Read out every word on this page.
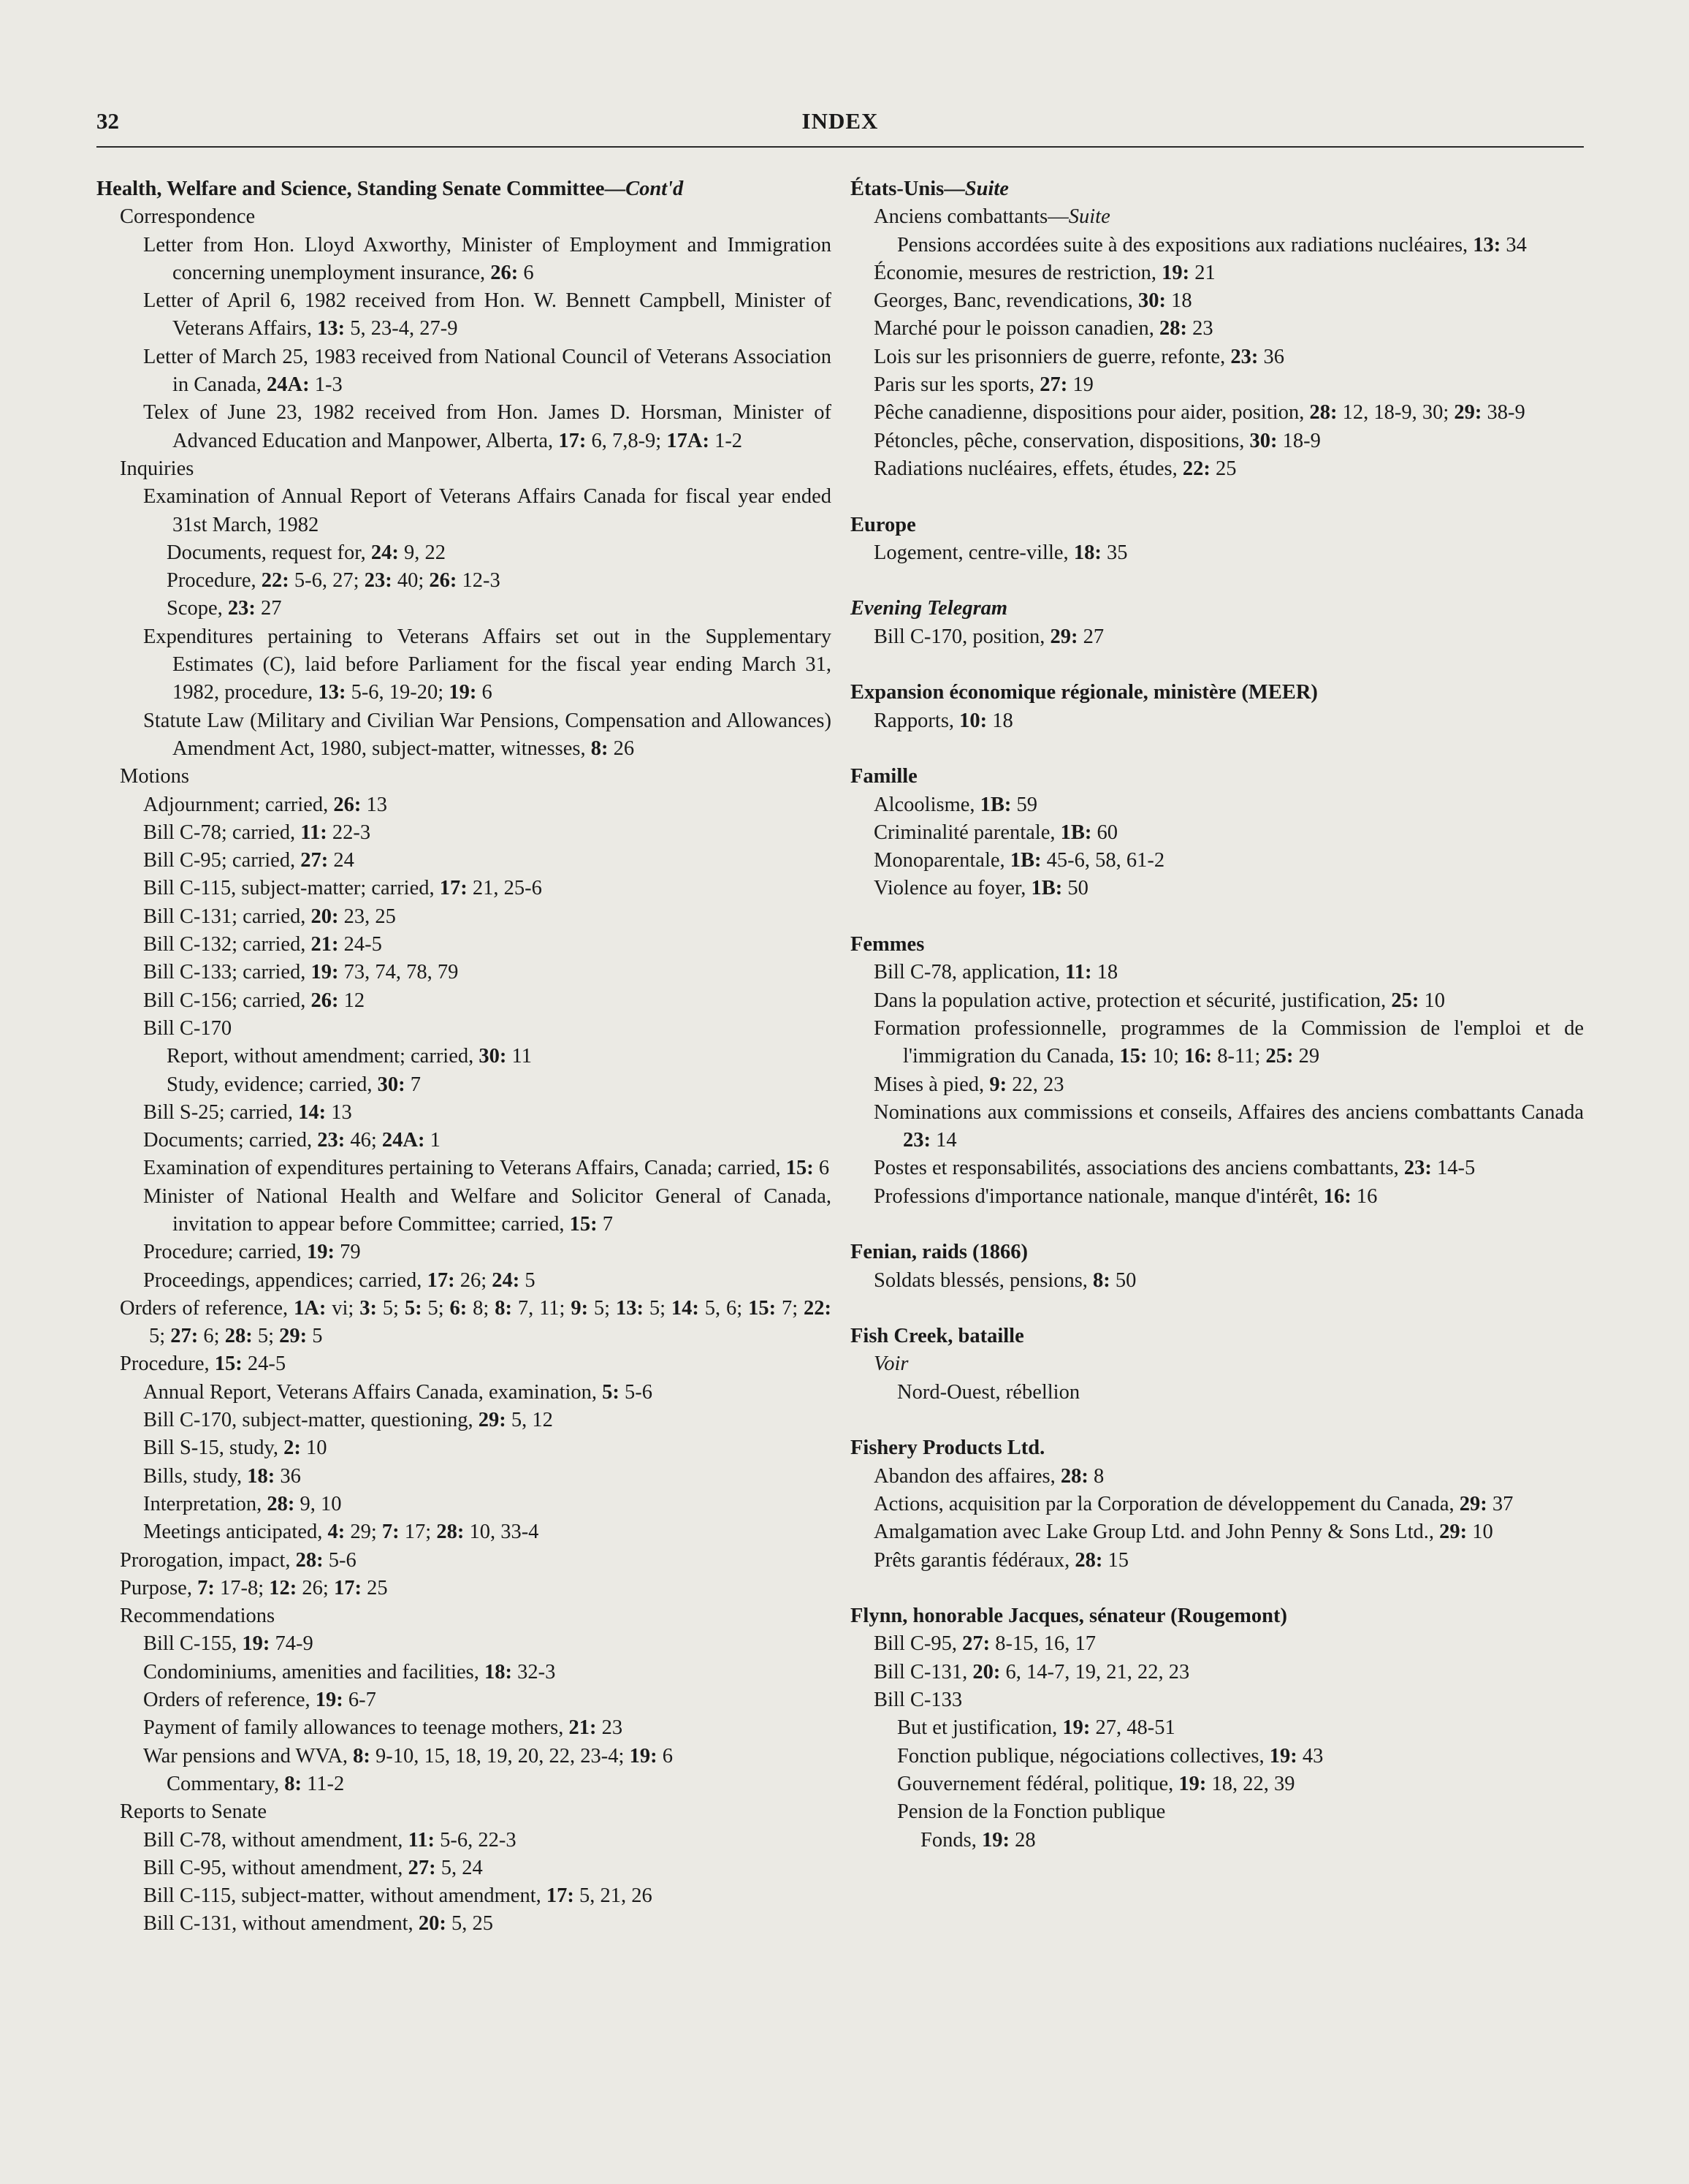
32	INDEX
Health, Welfare and Science, Standing Senate Committee—Cont'd
Correspondence
Letter from Hon. Lloyd Axworthy, Minister of Employment and Immigration concerning unemployment insurance, 26: 6
Letter of April 6, 1982 received from Hon. W. Bennett Campbell, Minister of Veterans Affairs, 13: 5, 23-4, 27-9
Letter of March 25, 1983 received from National Council of Veterans Association in Canada, 24A: 1-3
Telex of June 23, 1982 received from Hon. James D. Horsman, Minister of Advanced Education and Manpower, Alberta, 17: 6, 7,8-9; 17A: 1-2
Inquiries
Examination of Annual Report of Veterans Affairs Canada for fiscal year ended 31st March, 1982
Documents, request for, 24: 9, 22
Procedure, 22: 5-6, 27; 23: 40; 26: 12-3
Scope, 23: 27
Expenditures pertaining to Veterans Affairs set out in the Supplementary Estimates (C), laid before Parliament for the fiscal year ending March 31, 1982, procedure, 13: 5-6, 19-20; 19: 6
Statute Law (Military and Civilian War Pensions, Compensation and Allowances) Amendment Act, 1980, subject-matter, witnesses, 8: 26
Motions
Adjournment; carried, 26: 13
Bill C-78; carried, 11: 22-3
Bill C-95; carried, 27: 24
Bill C-115, subject-matter; carried, 17: 21, 25-6
Bill C-131; carried, 20: 23, 25
Bill C-132; carried, 21: 24-5
Bill C-133; carried, 19: 73, 74, 78, 79
Bill C-156; carried, 26: 12
Bill C-170
Report, without amendment; carried, 30: 11
Study, evidence; carried, 30: 7
Bill S-25; carried, 14: 13
Documents; carried, 23: 46; 24A: 1
Examination of expenditures pertaining to Veterans Affairs, Canada; carried, 15: 6
Minister of National Health and Welfare and Solicitor General of Canada, invitation to appear before Committee; carried, 15: 7
Procedure; carried, 19: 79
Proceedings, appendices; carried, 17: 26; 24: 5
Orders of reference, 1A: vi; 3: 5; 5: 5; 6: 8; 8: 7, 11; 9: 5; 13: 5; 14: 5, 6; 15: 7; 22: 5; 27: 6; 28: 5; 29: 5
Procedure, 15: 24-5
Annual Report, Veterans Affairs Canada, examination, 5: 5-6
Bill C-170, subject-matter, questioning, 29: 5, 12
Bill S-15, study, 2: 10
Bills, study, 18: 36
Interpretation, 28: 9, 10
Meetings anticipated, 4: 29; 7: 17; 28: 10, 33-4
Prorogation, impact, 28: 5-6
Purpose, 7: 17-8; 12: 26; 17: 25
Recommendations
Bill C-155, 19: 74-9
Condominiums, amenities and facilities, 18: 32-3
Orders of reference, 19: 6-7
Payment of family allowances to teenage mothers, 21: 23
War pensions and WVA, 8: 9-10, 15, 18, 19, 20, 22, 23-4; 19: 6
Commentary, 8: 11-2
Reports to Senate
Bill C-78, without amendment, 11: 5-6, 22-3
Bill C-95, without amendment, 27: 5, 24
Bill C-115, subject-matter, without amendment, 17: 5, 21, 26
Bill C-131, without amendment, 20: 5, 25
États-Unis—Suite
Anciens combattants—Suite
Pensions accordées suite à des expositions aux radiations nucléaires, 13: 34
Économie, mesures de restriction, 19: 21
Georges, Banc, revendications, 30: 18
Marché pour le poisson canadien, 28: 23
Lois sur les prisonniers de guerre, refonte, 23: 36
Paris sur les sports, 27: 19
Pêche canadienne, dispositions pour aider, position, 28: 12, 18-9, 30; 29: 38-9
Pétoncles, pêche, conservation, dispositions, 30: 18-9
Radiations nucléaires, effets, études, 22: 25
Europe
Logement, centre-ville, 18: 35
Evening Telegram
Bill C-170, position, 29: 27
Expansion économique régionale, ministère (MEER)
Rapports, 10: 18
Famille
Alcoolisme, 1B: 59
Criminalité parentale, 1B: 60
Monoparentale, 1B: 45-6, 58, 61-2
Violence au foyer, 1B: 50
Femmes
Bill C-78, application, 11: 18
Dans la population active, protection et sécurité, justification, 25: 10
Formation professionnelle, programmes de la Commission de l'emploi et de l'immigration du Canada, 15: 10; 16: 8-11; 25: 29
Mises à pied, 9: 22, 23
Nominations aux commissions et conseils, Affaires des anciens combattants Canada 23: 14
Postes et responsabilités, associations des anciens combattants, 23: 14-5
Professions d'importance nationale, manque d'intérêt, 16: 16
Fenian, raids (1866)
Soldats blessés, pensions, 8: 50
Fish Creek, bataille
Voir
Nord-Ouest, rébellion
Fishery Products Ltd.
Abandon des affaires, 28: 8
Actions, acquisition par la Corporation de développement du Canada, 29: 37
Amalgamation avec Lake Group Ltd. and John Penny & Sons Ltd., 29: 10
Prêts garantis fédéraux, 28: 15
Flynn, honorable Jacques, sénateur (Rougemont)
Bill C-95, 27: 8-15, 16, 17
Bill C-131, 20: 6, 14-7, 19, 21, 22, 23
Bill C-133
But et justification, 19: 27, 48-51
Fonction publique, négociations collectives, 19: 43
Gouvernement fédéral, politique, 19: 18, 22, 39
Pension de la Fonction publique
Fonds, 19: 28
